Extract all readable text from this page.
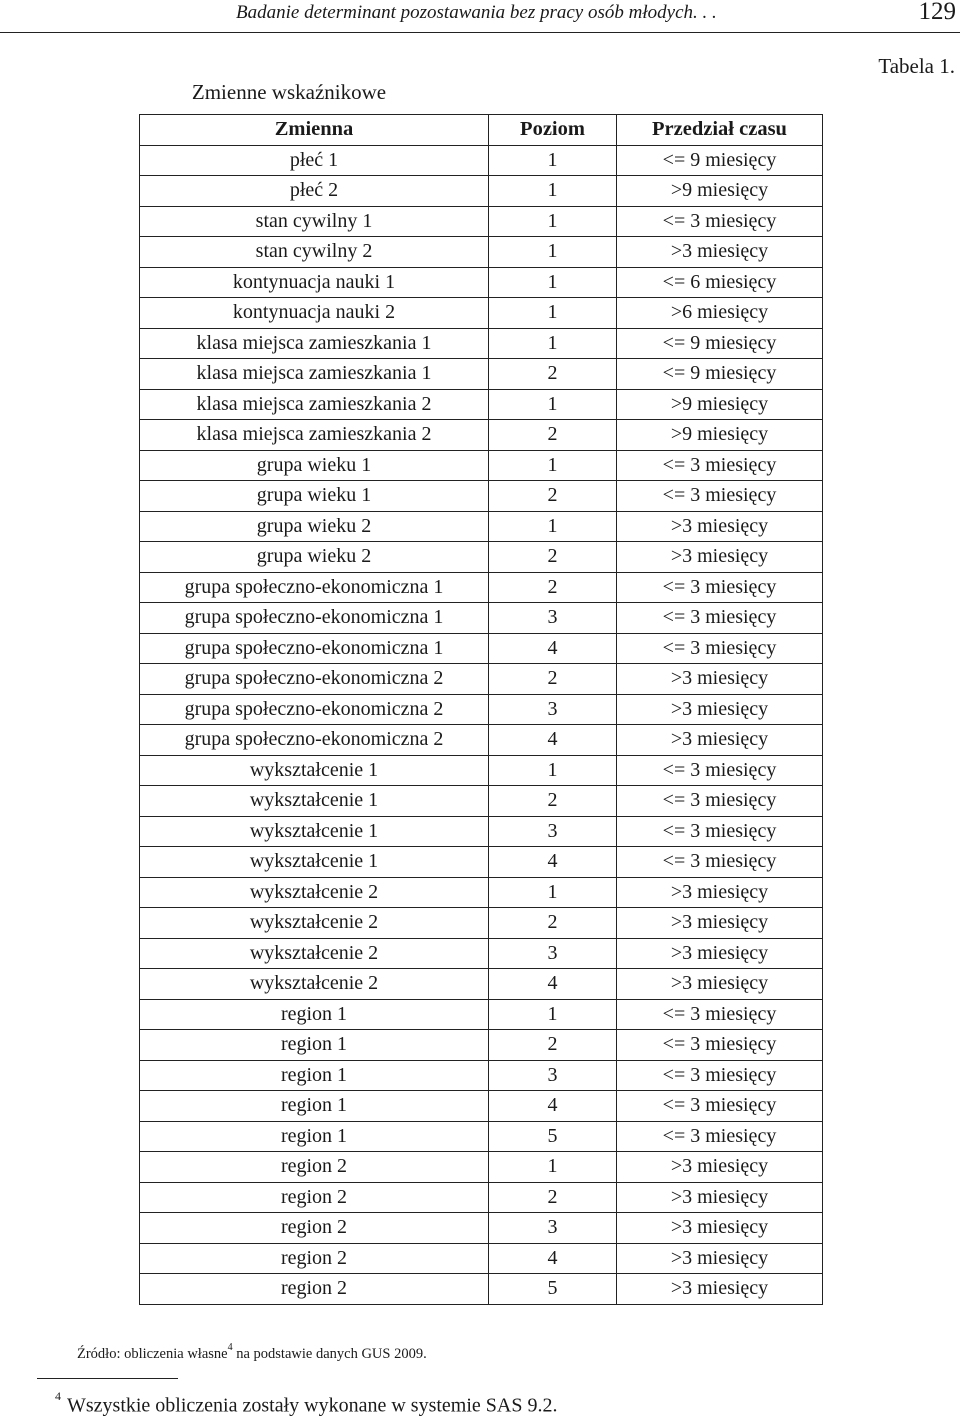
Badanie determinant pozostawania bez pracy osób młodych. . .	129
Tabela 1.
Zmienne wskaźnikowe
Zmienna	Poziom	Przedział czasu
płeć 1	1	<= 9 miesięcy
płeć 2	1	>9 miesięcy
stan cywilny 1	1	<= 3 miesięcy
stan cywilny 2	1	>3 miesięcy
kontynuacja nauki 1	1	<= 6 miesięcy
kontynuacja nauki 2	1	>6 miesięcy
klasa miejsca zamieszkania 1	1	<= 9 miesięcy
klasa miejsca zamieszkania 1	2	<= 9 miesięcy
klasa miejsca zamieszkania 2	1	>9 miesięcy
klasa miejsca zamieszkania 2	2	>9 miesięcy
grupa wieku 1	1	<= 3 miesięcy
grupa wieku 1	2	<= 3 miesięcy
grupa wieku 2	1	>3 miesięcy
grupa wieku 2	2	>3 miesięcy
grupa społeczno-ekonomiczna 1	2	<= 3 miesięcy
grupa społeczno-ekonomiczna 1	3	<= 3 miesięcy
grupa społeczno-ekonomiczna 1	4	<= 3 miesięcy
grupa społeczno-ekonomiczna 2	2	>3 miesięcy
grupa społeczno-ekonomiczna 2	3	>3 miesięcy
grupa społeczno-ekonomiczna 2	4	>3 miesięcy
wykształcenie 1	1	<= 3 miesięcy
wykształcenie 1	2	<= 3 miesięcy
wykształcenie 1	3	<= 3 miesięcy
wykształcenie 1	4	<= 3 miesięcy
wykształcenie 2	1	>3 miesięcy
wykształcenie 2	2	>3 miesięcy
wykształcenie 2	3	>3 miesięcy
wykształcenie 2	4	>3 miesięcy
region 1	1	<= 3 miesięcy
region 1	2	<= 3 miesięcy
region 1	3	<= 3 miesięcy
region 1	4	<= 3 miesięcy
region 1	5	<= 3 miesięcy
region 2	1	>3 miesięcy
region 2	2	>3 miesięcy
region 2	3	>3 miesięcy
region 2	4	>3 miesięcy
region 2	5	>3 miesięcy
Źródło: obliczenia własne$^4$ na podstawie danych GUS 2009.
$^4$ Wszystkie obliczenia zostały wykonane w systemie SAS 9.2.
